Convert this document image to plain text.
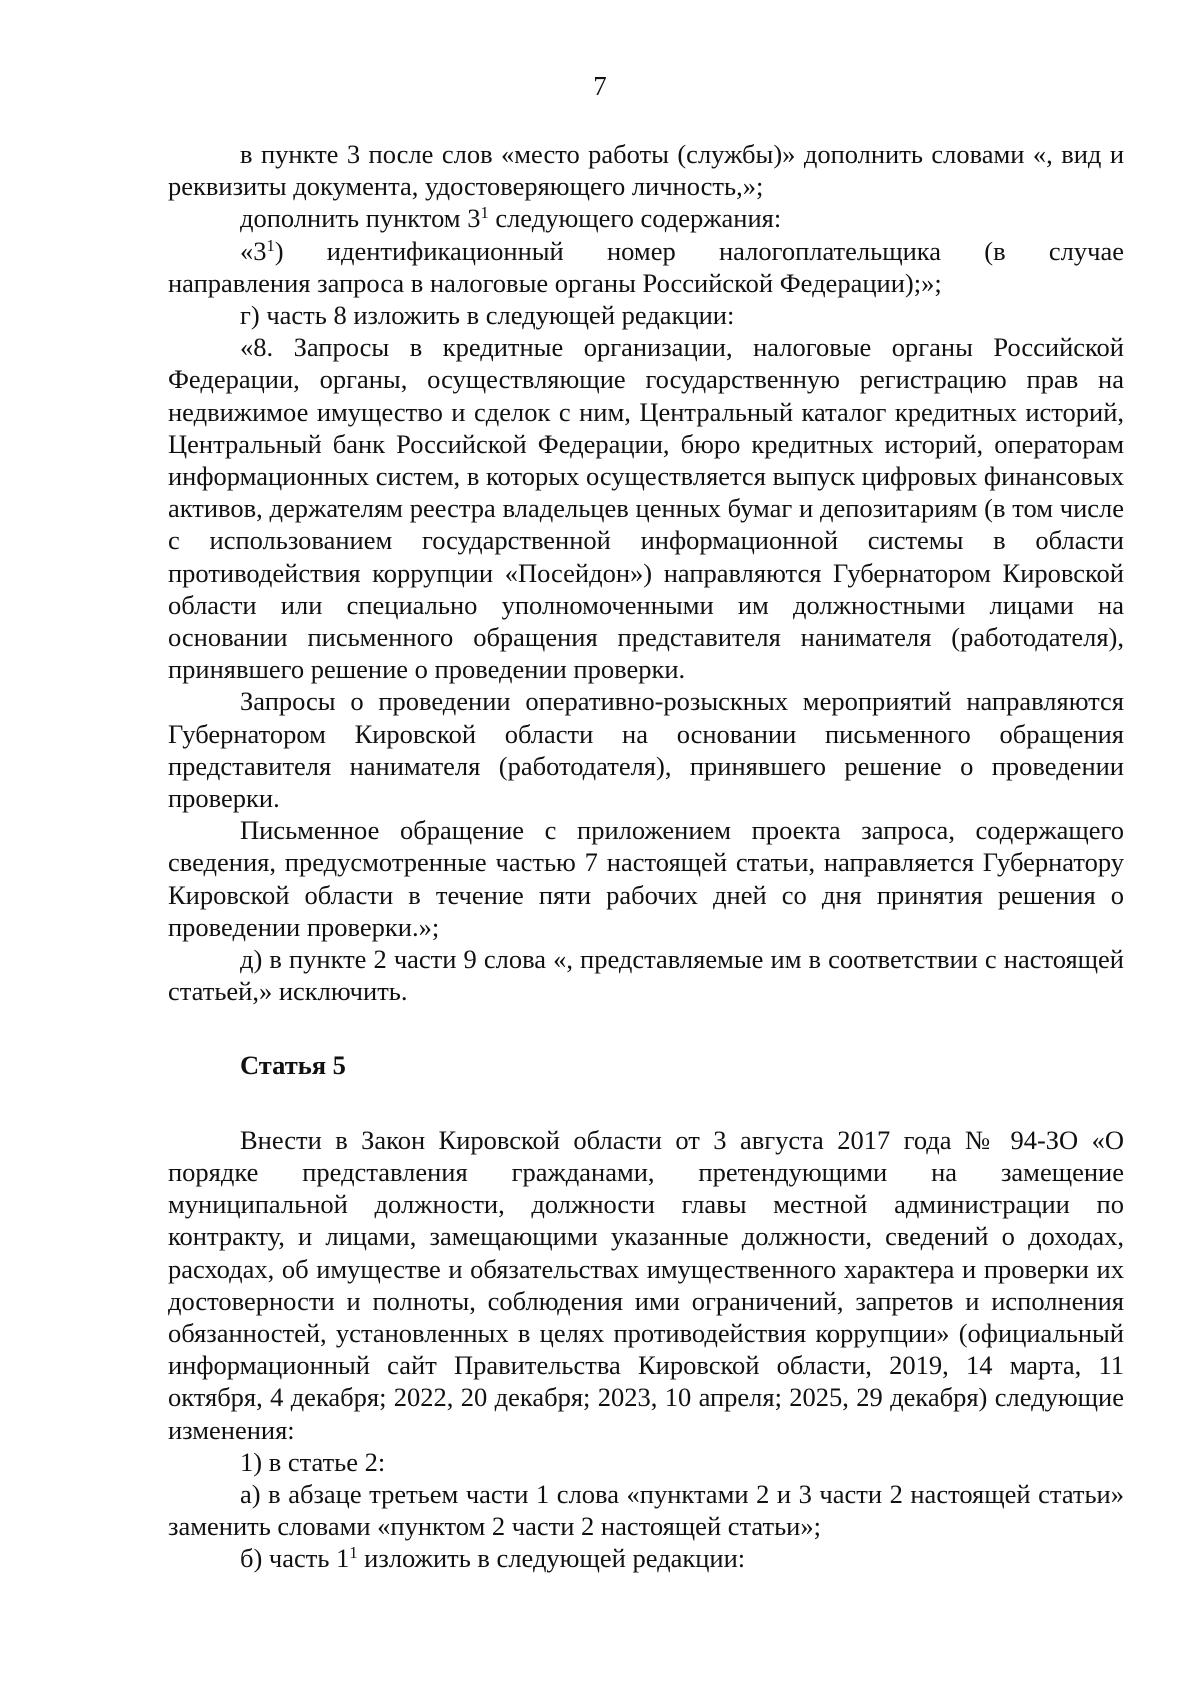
7

в пункте 3 после слов «место работы (службы)» дополнить словами «, вид и реквизиты документа, удостоверяющего личность,»;

дополнить пунктом $3^1$ следующего содержания:

«$3^1$) идентификационный номер налогоплательщика (в случае

направления запроса в налоговые органы Российской Федерации);»;

г) часть 8 изложить в следующей редакции:

«8. Запросы в кредитные организации, налоговые органы Российской Федерации, органы, осуществляющие государственную регистрацию прав на недвижимое имущество и сделок с ним, Центральный каталог кредитных историй, Центральный банк Российской Федерации, бюро кредитных историй, операторам информационных систем, в которых осуществляется выпуск цифровых финансовых активов, держателям реестра владельцев ценных бумаг и депозитариям (в том числе с использованием государственной информационной системы в области противодействия коррупции «Посейдон») направляются Губернатором Кировской области или специально уполномоченными им должностными лицами на основании письменного обращения представителя нанимателя (работодателя), принявшего решение о проведении проверки.

Запросы о проведении оперативно-розыскных мероприятий направляются Губернатором Кировской области на основании письменного обращения представителя нанимателя (работодателя), принявшего решение о проведении проверки.

Письменное обращение с приложением проекта запроса, содержащего сведения, предусмотренные частью 7 настоящей статьи, направляется Губернатору Кировской области в течение пяти рабочих дней со дня принятия решения о проведении проверки.»;

д) в пункте 2 части 9 слова «, представляемые им в соответствии с настоящей статьей,» исключить.

Статья 5

Внести в Закон Кировской области от 3 августа 2017 года № 94-ЗО «О порядке представления гражданами, претендующими на замещение муниципальной должности, должности главы местной администрации по контракту, и лицами, замещающими указанные должности, сведений о доходах, расходах, об имуществе и обязательствах имущественного характера и проверки их достоверности и полноты, соблюдения ими ограничений, запретов и исполнения обязанностей, установленных в целях противодействия коррупции» (официальный информационный сайт Правительства Кировской области, 2019, 14 марта, 11 октября, 4 декабря; 2022, 20 декабря; 2023, 10 апреля; 2025, 29 декабря) следующие изменения:

1) в статье 2:

а) в абзаце третьем части 1 слова «пунктами 2 и 3 части 2 настоящей статьи» заменить словами «пунктом 2 части 2 настоящей статьи»;

б) часть $1^1$ изложить в следующей редакции:
